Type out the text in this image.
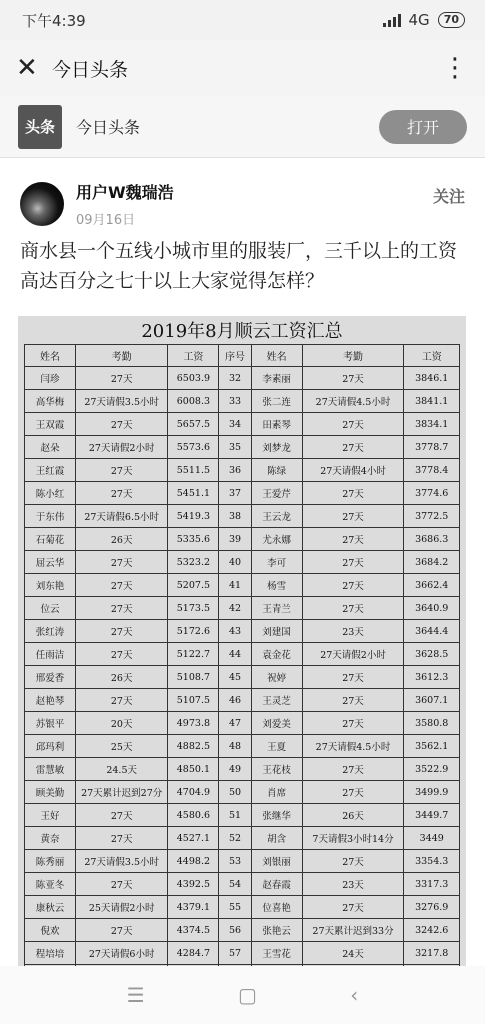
下午4:39	4G	70
✕ 今日头条	⋮
头条	今日头条	打开
用户W魏瑞浩
09月16日
关注
商水县一个五线小城市里的服装厂，三千以上的工资高达百分之七十以上大家觉得怎样？
2019年8月顺云工资汇总
姓名	考勤	工资	序号	姓名	考勤	工资
闫珍	27天	6503.9	32	李素丽	27天	3846.1
高华梅	27天请假3.5小时	6008.3	33	张二连	27天请假4.5小时	3841.1
王双霞	27天	5657.5	34	田素琴	27天	3834.1
赵朵	27天请假2小时	5573.6	35	刘梦龙	27天	3778.7
王红霞	27天	5511.5	36	陈绿	27天请假4小时	3778.4
陈小红	27天	5451.1	37	王爱芹	27天	3774.6
于东伟	27天请假6.5小时	5419.3	38	王云龙	27天	3772.5
石菊花	26天	5335.6	39	尤永娜	27天	3686.3
屈云华	27天	5323.2	40	李可	27天	3684.2
刘东艳	27天	5207.5	41	杨雪	27天	3662.4
位云	27天	5173.5	42	王青兰	27天	3640.9
张红涛	27天	5172.6	43	刘建国	23天	3644.4
任雨洁	27天	5122.7	44	袁金花	27天请假2小时	3628.5
邢爱香	26天	5108.7	45	祝婷	27天	3612.3
赵艳琴	27天	5107.5	46	王灵芝	27天	3607.1
苏银平	20天	4973.8	47	刘爱美	27天	3580.8
邱玛利	25天	4882.5	48	王夏	27天请假4.5小时	3562.1
雷慧敏	24.5天	4850.1	49	王花枝	27天	3522.9
顾美勤	27天累计迟到27分	4704.9	50	肖席	27天	3499.9
王好	27天	4580.6	51	张继华	26天	3449.7
黄奈	27天	4527.1	52	胡含	7天请假3小时14分	3449
陈秀丽	27天请假3.5小时	4498.2	53	刘银丽	27天	3354.3
陈亚冬	27天	4392.5	54	赵春霞	23天	3317.3
康秋云	25天请假2小时	4379.1	55	位喜艳	27天	3276.9
倪欢	27天	4374.5	56	张艳云	27天累计迟到33分	3242.6
程培培	27天请假6小时	4284.7	57	王雪花	24天	3217.8

☰	▢	‹
